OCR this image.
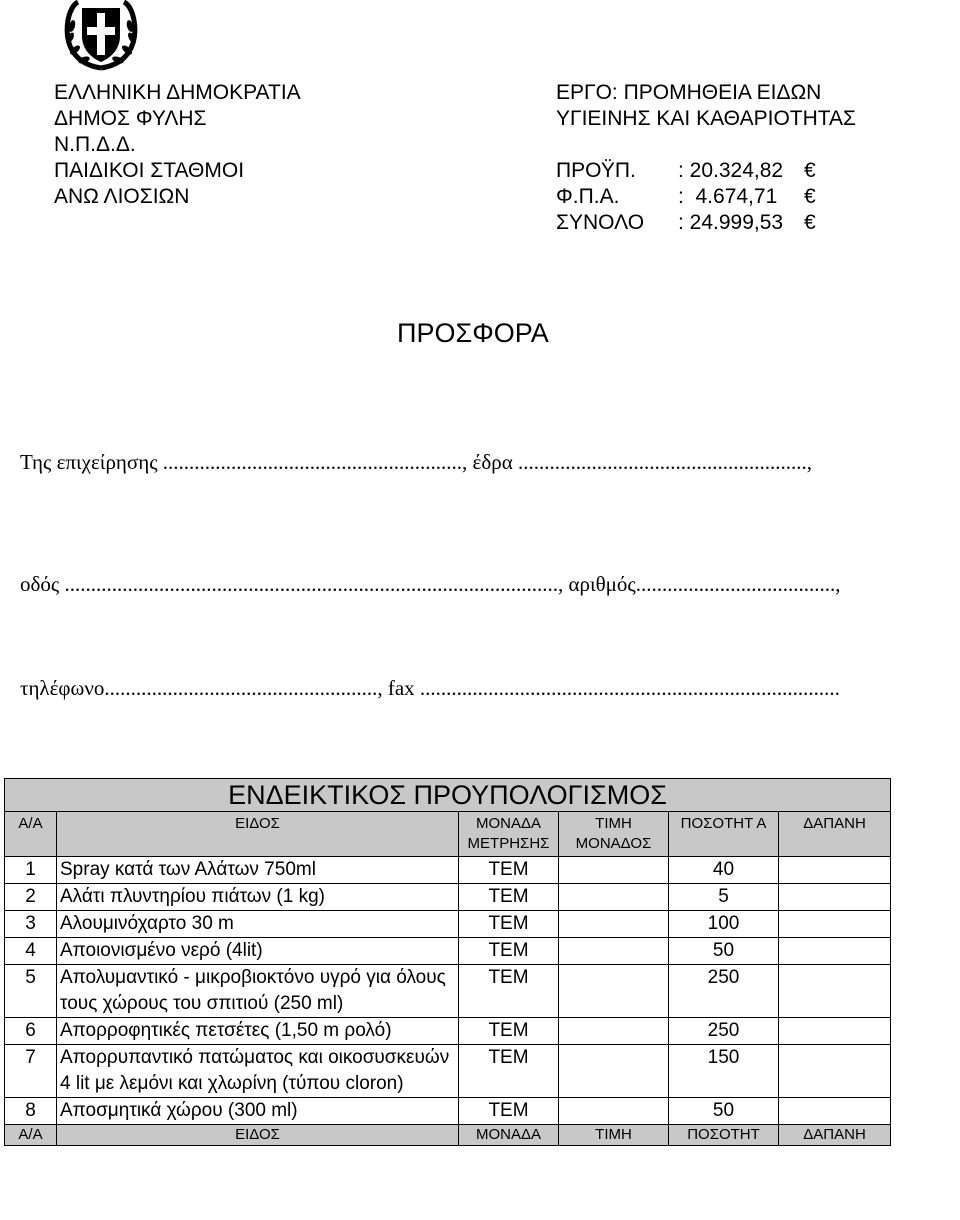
ΕΛΛΗΝΙΚΗ ΔΗΜΟΚΡΑΤΙΑ
ΔΗΜΟΣ ΦΥΛΗΣ
Ν.Π.Δ.Δ.
ΠΑΙΔΙΚΟΙ ΣΤΑΘΜΟΙ
ΑΝΩ ΛΙΟΣΙΩΝ
ΕΡΓΟ: ΠΡΟΜΗΘΕΙΑ ΕΙΔΩΝ
ΥΓΙΕΙΝΗΣ ΚΑΙ ΚΑΘΑΡΙΟΤΗΤΑΣ
ΠΡΟΫΠ. : 20.324,82 €
Φ.Π.Α.	:  4.674,71 €
ΣΥΝΟΛΟ : 24.999,53 €
ΠΡΟΣΦΟΡΑ
Της επιχείρησης ........................................................., έδρα .......................................................,
οδός .............................................................................................., αριθμός......................................,
τηλέφωνο...................................................., fax ................................................................................
ΕΝΔΕΙΚΤΙΚΟΣ ΠΡΟΥΠΟΛΟΓΙΣΜΟΣ					
Α/Α	ΕΙΔΟΣ	ΜΟΝΑΔΑ ΜΕΤΡΗΣΗΣ	ΤΙΜΗ ΜΟΝΑΔΟΣ	ΠΟΣΟΤΗΤ Α	ΔΑΠΑΝΗ
1	Spray κατά των Αλάτων 750ml	TEM		40	
2	Αλάτι πλυντηρίου πιάτων (1 kg)	TEM		5	
3	Αλουμινόχαρτο 30 m	TEM		100	
4	Αποιονισμένο νερό (4lit)	TEM		50	
5	Απολυμαντικό - μικροβιοκτόνο υγρό για όλους τους χώρους του σπιτιού (250 ml)	TEM		250	
6	Απορροφητικές πετσέτες (1,50 m ρολό)	TEM		250	
7	Απορρυπαντικό πατώματος και οικοσυσκευών 4 lit με λεμόνι και χλωρίνη (τύπου cloron)	TEM		150	
8	Αποσμητικά χώρου (300 ml)	TEM		50	
Α/Α	ΕΙΔΟΣ	ΜΟΝΑΔΑ	ΤΙΜΗ	ΠΟΣΟΤΗΤ	ΔΑΠΑΝΗ
